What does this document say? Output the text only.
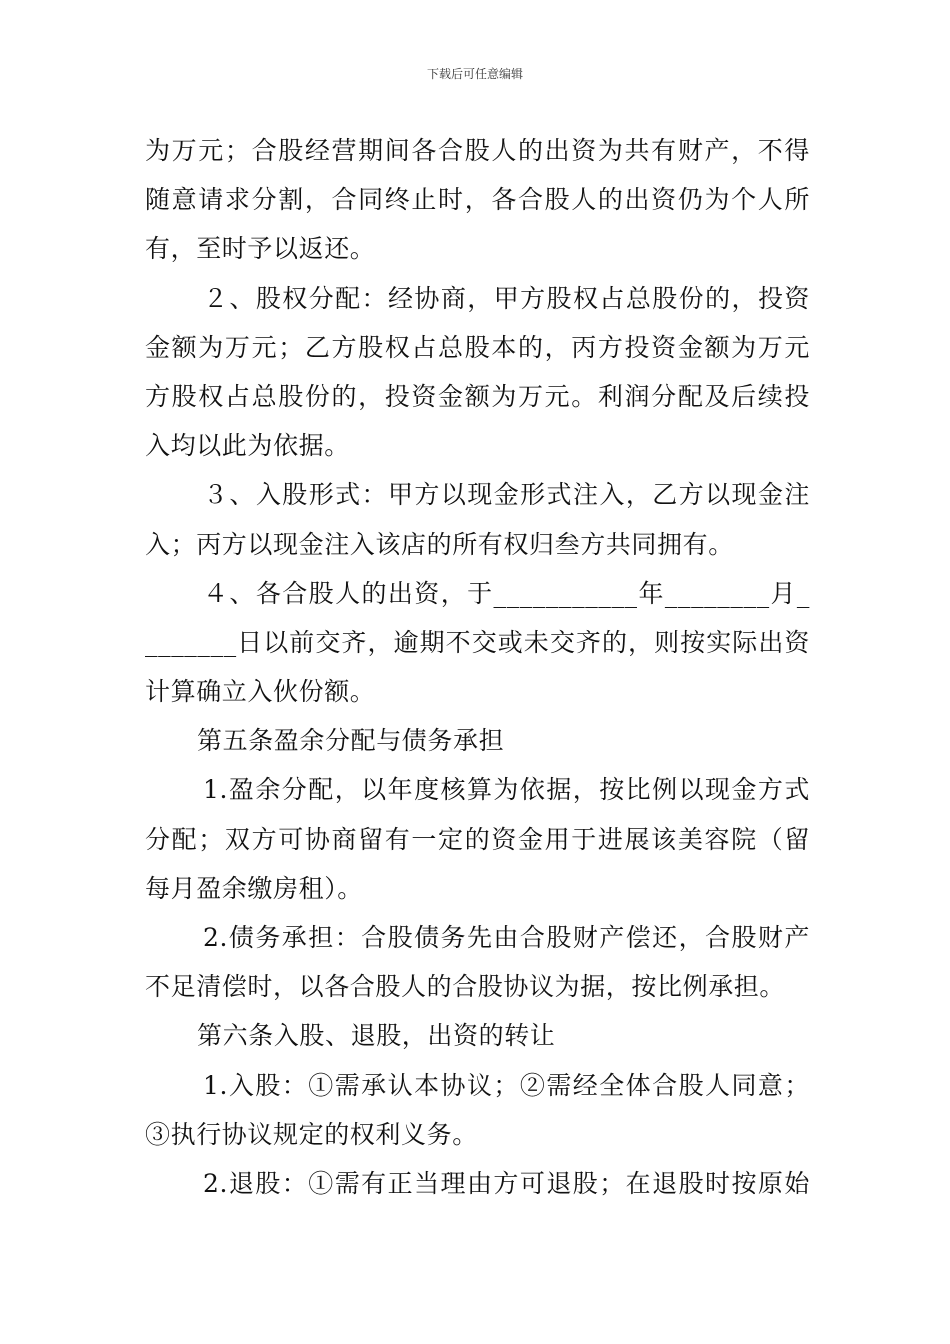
下载后可任意编辑
为万元；合股经营期间各合股人的出资为共有财产，不得
随意请求分割，合同终止时，各合股人的出资仍为个人所
有，至时予以返还。
２、股权分配：经协商，甲方股权占总股份的，投资
金额为万元；乙方股权占总股本的，丙方投资金额为万元
方股权占总股份的，投资金额为万元。利润分配及后续投
入均以此为依据。
３、入股形式：甲方以现金形式注入，乙方以现金注
入；丙方以现金注入该店的所有权归叁方共同拥有。
４、各合股人的出资，于___________年________月_
_______日以前交齐，逾期不交或未交齐的，则按实际出资
计算确立入伙份额。
第五条盈余分配与债务承担
1.盈余分配，以年度核算为依据，按比例以现金方式
分配；双方可协商留有一定的资金用于进展该美容院（留
每月盈余缴房租）。
2.债务承担：合股债务先由合股财产偿还，合股财产
不足清偿时，以各合股人的合股协议为据，按比例承担。
第六条入股、退股，出资的转让
1.入股：①需承认本协议；②需经全体合股人同意；
③执行协议规定的权利义务。
2.退股：①需有正当理由方可退股；在退股时按原始
